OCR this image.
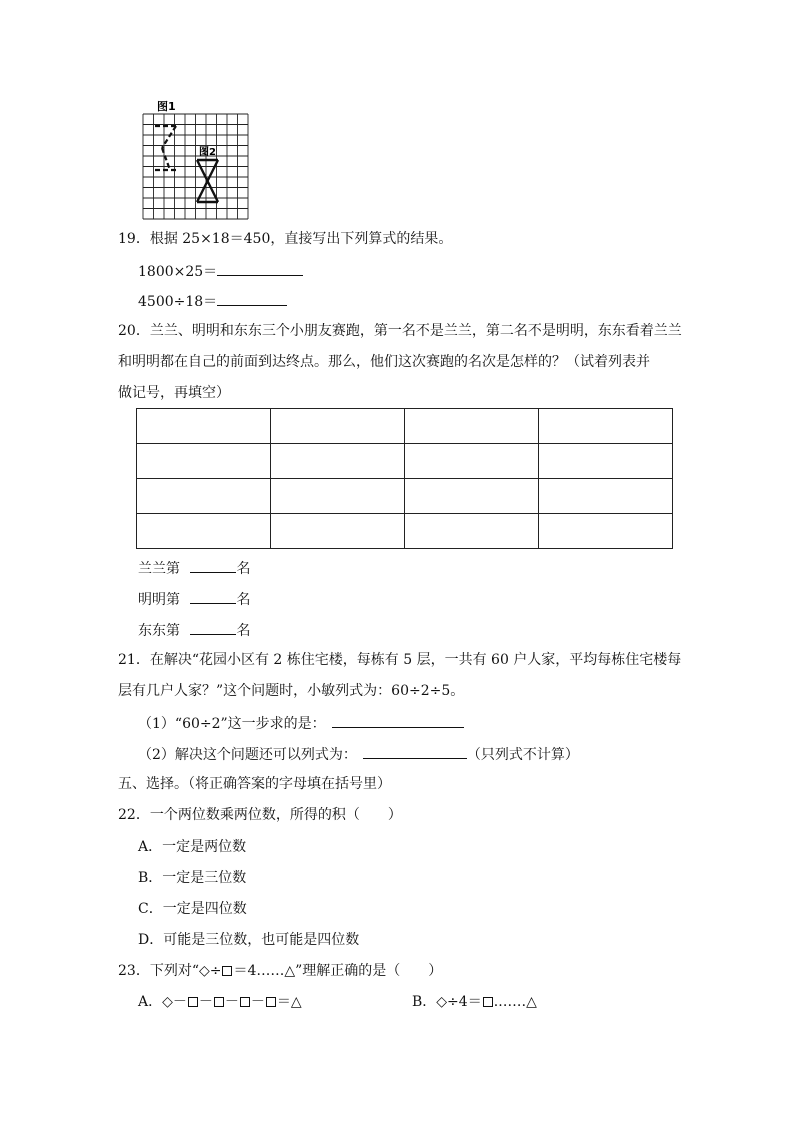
图1
图2
19．根据 25×18＝450，直接写出下列算式的结果。
1800×25＝
4500÷18＝
20．兰兰、明明和东东三个小朋友赛跑，第一名不是兰兰，第二名不是明明，东东看着兰兰
和明明都在自己的前面到达终点。那么，他们这次赛跑的名次是怎样的？（试着列表并
做记号，再填空）

兰兰第	名
明明第	名
东东第	名
21．在解决“花园小区有 2 栋住宅楼，每栋有 5 层，一共有 60 户人家，平均每栋住宅楼每
层有几户人家？”这个问题时，小敏列式为：60÷2÷5。
（1）“60÷2”这一步求的是：
（2）解决这个问题还可以列式为：	（只列式不计算）
五、选择。（将正确答案的字母填在括号里）
22．一个两位数乘两位数，所得的积（　　）
A．一定是两位数
B．一定是三位数
C．一定是四位数
D．可能是三位数，也可能是四位数
23．下列对“◇÷ ＝4……△”理解正确的是（　　）
A．◇－ － － － ＝△	B．◇÷4＝ .……△
